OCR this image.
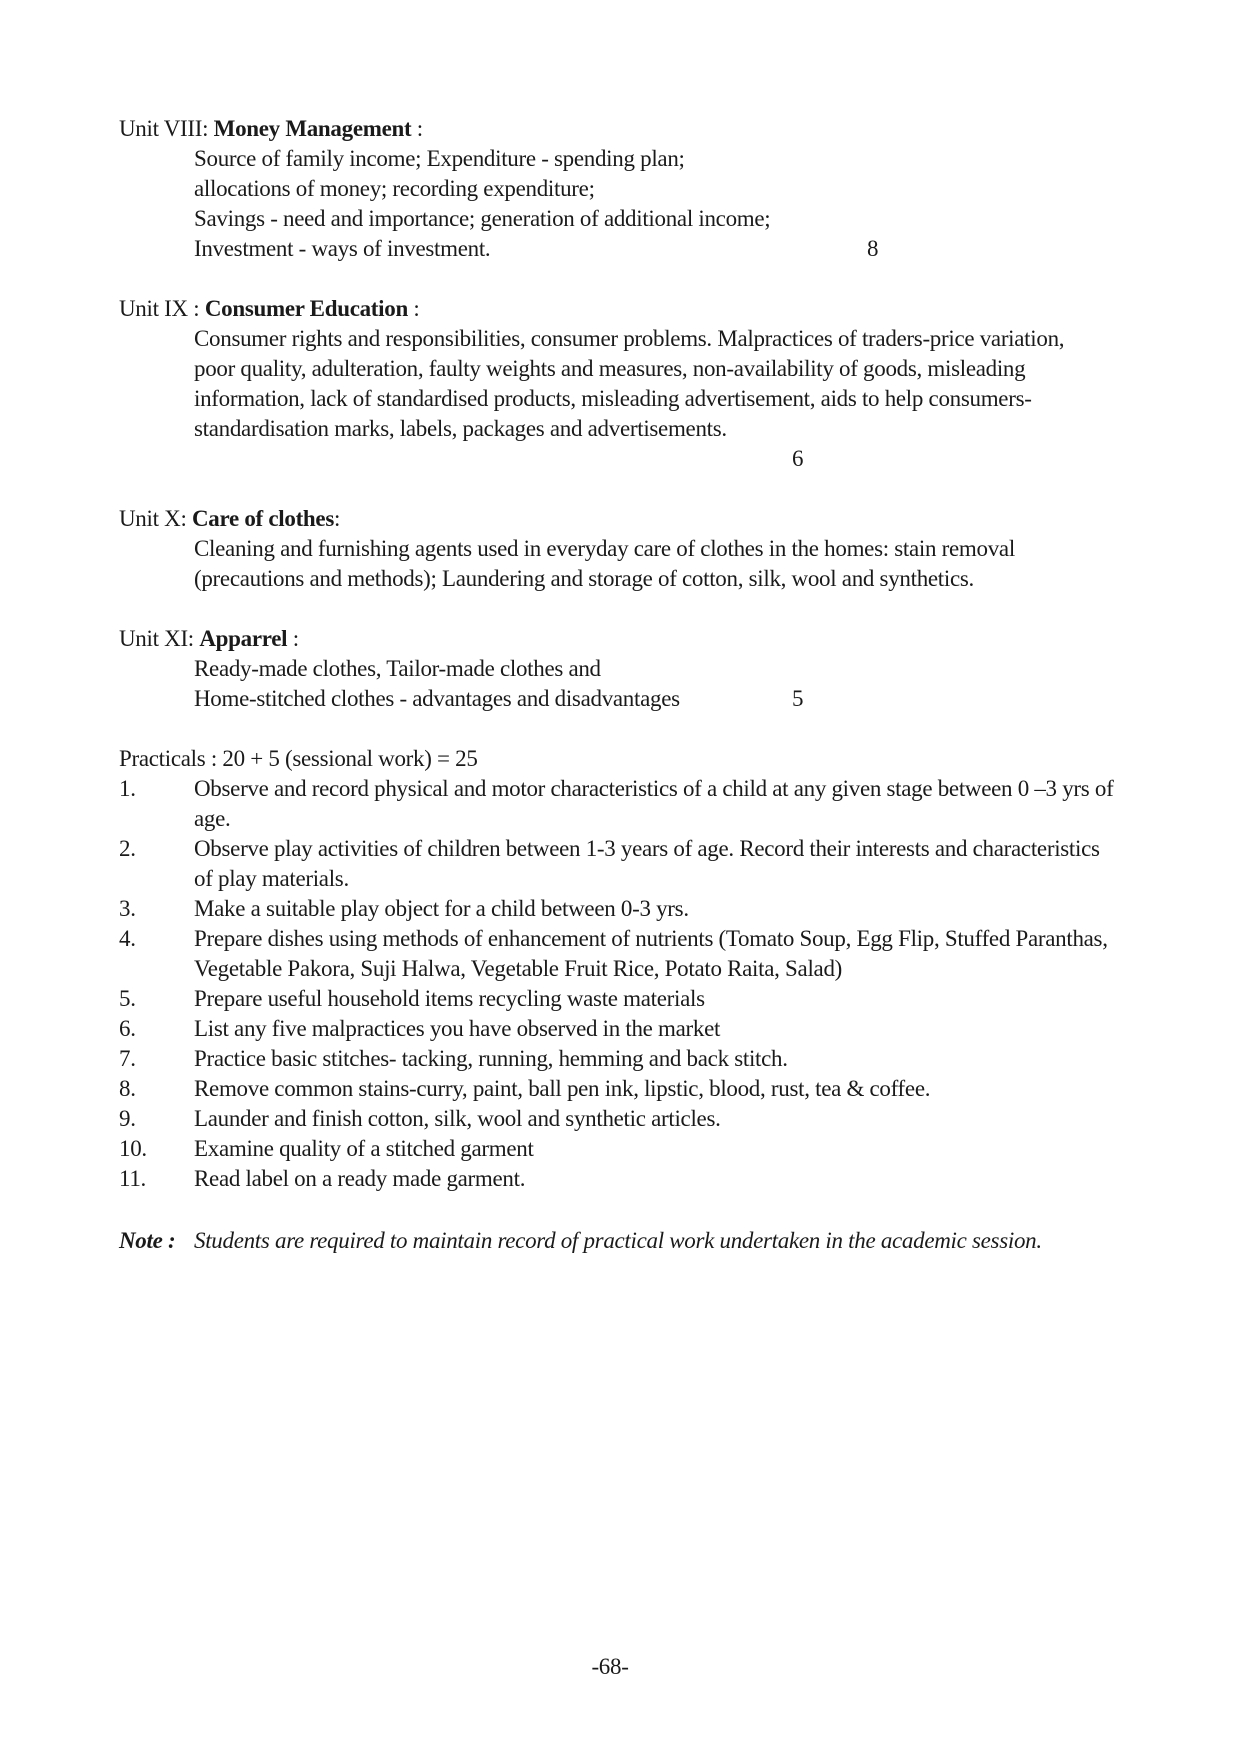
Unit VIII: Money Management :
Source of family income; Expenditure - spending plan;
allocations of money; recording expenditure;
Savings - need and importance; generation of additional income;
Investment - ways of investment.	8
Unit IX : Consumer Education :
Consumer rights and responsibilities, consumer problems. Malpractices of traders-price variation,
poor quality, adulteration, faulty weights and measures, non-availability of goods, misleading
information, lack of standardised products, misleading advertisement, aids to help consumers-
standardisation marks, labels, packages and advertisements.
6
Unit X: Care of clothes:
Cleaning and furnishing agents used in everyday care of clothes in the homes: stain removal
(precautions and methods); Laundering and storage of cotton, silk, wool and synthetics.
Unit XI: Apparrel :
Ready-made clothes, Tailor-made clothes and
Home-stitched clothes - advantages and disadvantages	5
Practicals : 20 + 5 (sessional work) = 25
1.	Observe and record physical and motor characteristics of a child at any given stage between 0 –3 yrs of age.
2.	Observe play activities of children between 1-3 years of age. Record their interests and characteristics of play materials.
3.	Make a suitable play object for a child between 0-3 yrs.
4.	Prepare dishes using methods of enhancement of nutrients (Tomato Soup, Egg Flip, Stuffed Paranthas, Vegetable Pakora, Suji Halwa, Vegetable Fruit Rice, Potato Raita, Salad)
5.	Prepare useful household items recycling waste materials
6.	List any five malpractices you have observed in the market
7.	Practice basic stitches- tacking, running, hemming and back stitch.
8.	Remove common stains-curry, paint, ball pen ink, lipstic, blood, rust, tea & coffee.
9.	Launder and finish cotton, silk, wool and synthetic articles.
10. Examine quality of a stitched garment
11. Read label on a ready made garment.
Note : Students are required to maintain record of practical work undertaken in the academic session.
-68-
